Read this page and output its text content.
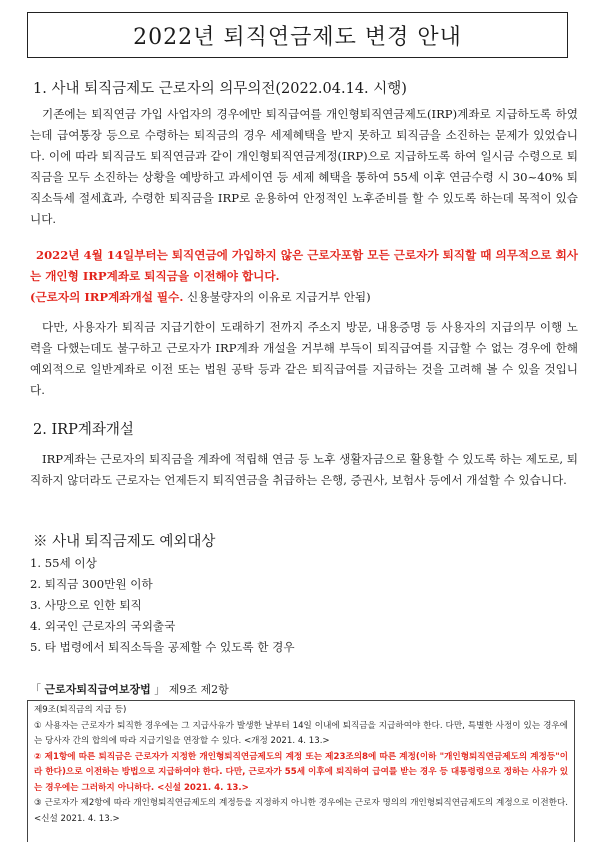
2022년 퇴직연금제도 변경 안내
1. 사내 퇴직금제도 근로자의 의무의전(2022.04.14. 시행)
기존에는 퇴직연금 가입 사업자의 경우에만 퇴직급여를 개인형퇴직연금제도(IRP)계좌로 지급하도록 하였는데 급여통장 등으로 수령하는 퇴직금의 경우 세제혜택을 받지 못하고 퇴직금을 소진하는 문제가 있었습니다. 이에 따라 퇴직금도 퇴직연금과 같이 개인형퇴직연금계정(IRP)으로 지급하도록 하여 일시금 수령으로 퇴직금을 모두 소진하는 상황을 예방하고 과세이연 등 세제 혜택을 통하여 55세 이후 연금수령 시 30~40% 퇴직소득세 절세효과, 수령한 퇴직금을 IRP로 운용하여 안정적인 노후준비를 할 수 있도록 하는데 목적이 있습니다.
2022년 4월 14일부터는 퇴직연금에 가입하지 않은 근로자포함 모든 근로자가 퇴직할 때 의무적으로 회사는 개인형 IRP계좌로 퇴직금을 이전해야 합니다.
(근로자의 IRP계좌개설 필수. 신용불량자의 이유로 지급거부 안됨)
다만, 사용자가 퇴직금 지급기한이 도래하기 전까지 주소지 방문, 내용증명 등 사용자의 지급의무 이행 노력을 다했는데도 불구하고 근로자가 IRP계좌 개설을 거부해 부득이 퇴직급여를 지급할 수 없는 경우에 한해 예외적으로 일반계좌로 이전 또는 법원 공탁 등과 같은 퇴직급여를 지급하는 것을 고려해 볼 수 있을 것입니다.
2. IRP계좌개설
IRP계좌는 근로자의 퇴직금을 계좌에 적립해 연금 등 노후 생활자금으로 활용할 수 있도록 하는 제도로, 퇴직하지 않더라도 근로자는 언제든지 퇴직연금을 취급하는 은행, 증권사, 보험사 등에서 개설할 수 있습니다.
※ 사내 퇴직금제도 예외대상
1. 55세 이상
2. 퇴직금 300만원 이하
3. 사망으로 인한 퇴직
4. 외국인 근로자의 국외출국
5. 타 법령에서 퇴직소득을 공제할 수 있도록 한 경우
「 근로자퇴직급여보장법 」 제9조 제2항

제9조(퇴직금의 지급 등)

① 사용자는 근로자가 퇴직한 경우에는 그 지급사유가 발생한 날부터 14일 이내에 퇴직금을 지급하여야 한다. 다만, 특별한 사정이 있는 경우에는 당사자 간의 합의에 따라 지급기일을 연장할 수 있다. <개정 2021. 4. 13.>

② 제1항에 따른 퇴직금은 근로자가 지정한 개인형퇴직연금제도의 계정 또는 제23조의8에 따른 계정(이하 "개인형퇴직연금제도의 계정등"이라 한다)으로 이전하는 방법으로 지급하여야 한다. 다만, 근로자가 55세 이후에 퇴직하여 급여를 받는 경우 등 대통령령으로 정하는 사유가 있는 경우에는 그러하지 아니하다. <신설 2021. 4. 13.>

③ 근로자가 제2항에 따라 개인형퇴직연금제도의 계정등을 지정하지 아니한 경우에는 근로자 명의의 개인형퇴직연금제도의 계정으로 이전한다. <신설 2021. 4. 13.>
